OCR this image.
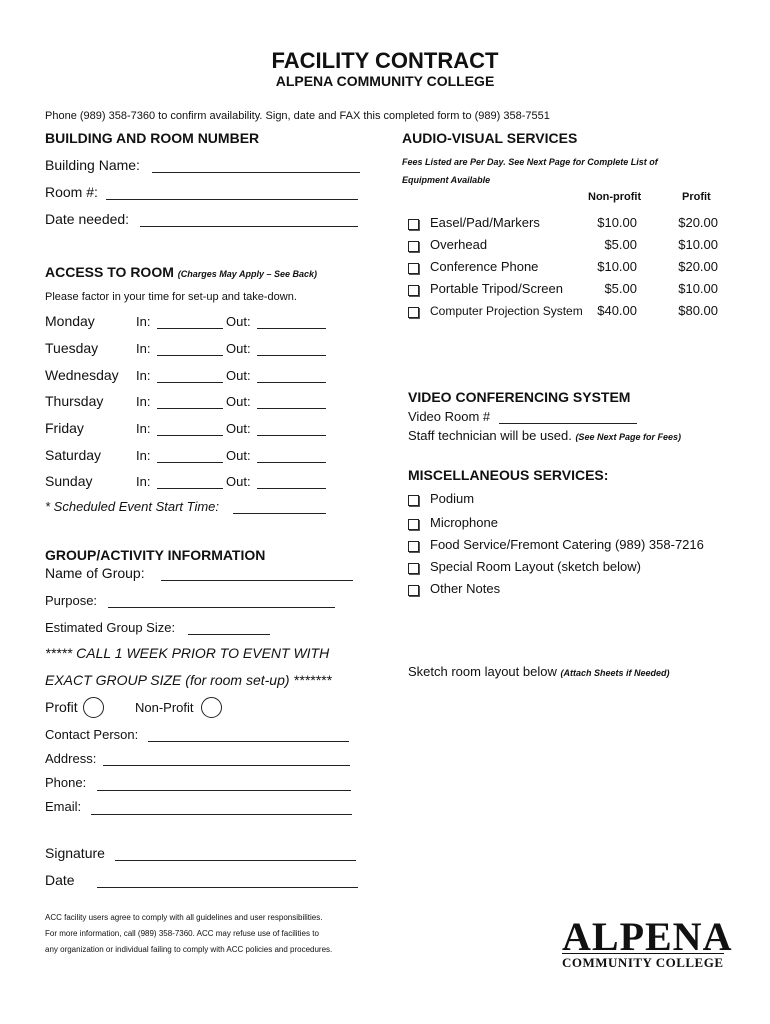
FACILITY CONTRACT
ALPENA COMMUNITY COLLEGE
Phone (989) 358-7360 to confirm availability. Sign, date and FAX this completed form to (989) 358-7551
BUILDING AND ROOM NUMBER
Building Name:
Room #:
Date needed:
ACCESS TO ROOM (Charges May Apply – See Back)
Please factor in your time for set-up and take-down.
Monday	In:	Out:
Tuesday	In:	Out:
Wednesday In:	Out:
Thursday	In:	Out:
Friday	In:	Out:
Saturday	In:	Out:
Sunday	In:	Out:
* Scheduled Event Start Time:
GROUP/ACTIVITY INFORMATION
Name of Group:
Purpose:
Estimated Group Size:
***** CALL 1 WEEK PRIOR TO EVENT WITH
EXACT GROUP SIZE (for room set-up) *******
Profit	Non-Profit
Contact Person:
Address:
Phone:
Email:
Signature
Date
ACC facility users agree to comply with all guidelines and user responsibilities.
For more information, call (989) 358-7360. ACC may refuse use of facilities to
any organization or individual failing to comply with ACC policies and procedures.	ALPENA
COMMUNITY COLLEGE
AUDIO-VISUAL SERVICES
Fees Listed are Per Day. See Next Page for Complete List of
Equipment Available
Non-profit	Profit
Easel/Pad/Markers	$10.00	$20.00
Overhead	$5.00	$10.00
Conference Phone	$10.00	$20.00
Portable Tripod/Screen	$5.00	$10.00
Computer Projection System	$40.00	$80.00
VIDEO CONFERENCING SYSTEM
Video Room #
Staff technician will be used. (See Next Page for Fees)
MISCELLANEOUS SERVICES:
Podium
Microphone
Food Service/Fremont Catering (989) 358-7216
Special Room Layout (sketch below)
Other Notes
Sketch room layout below (Attach Sheets if Needed)
